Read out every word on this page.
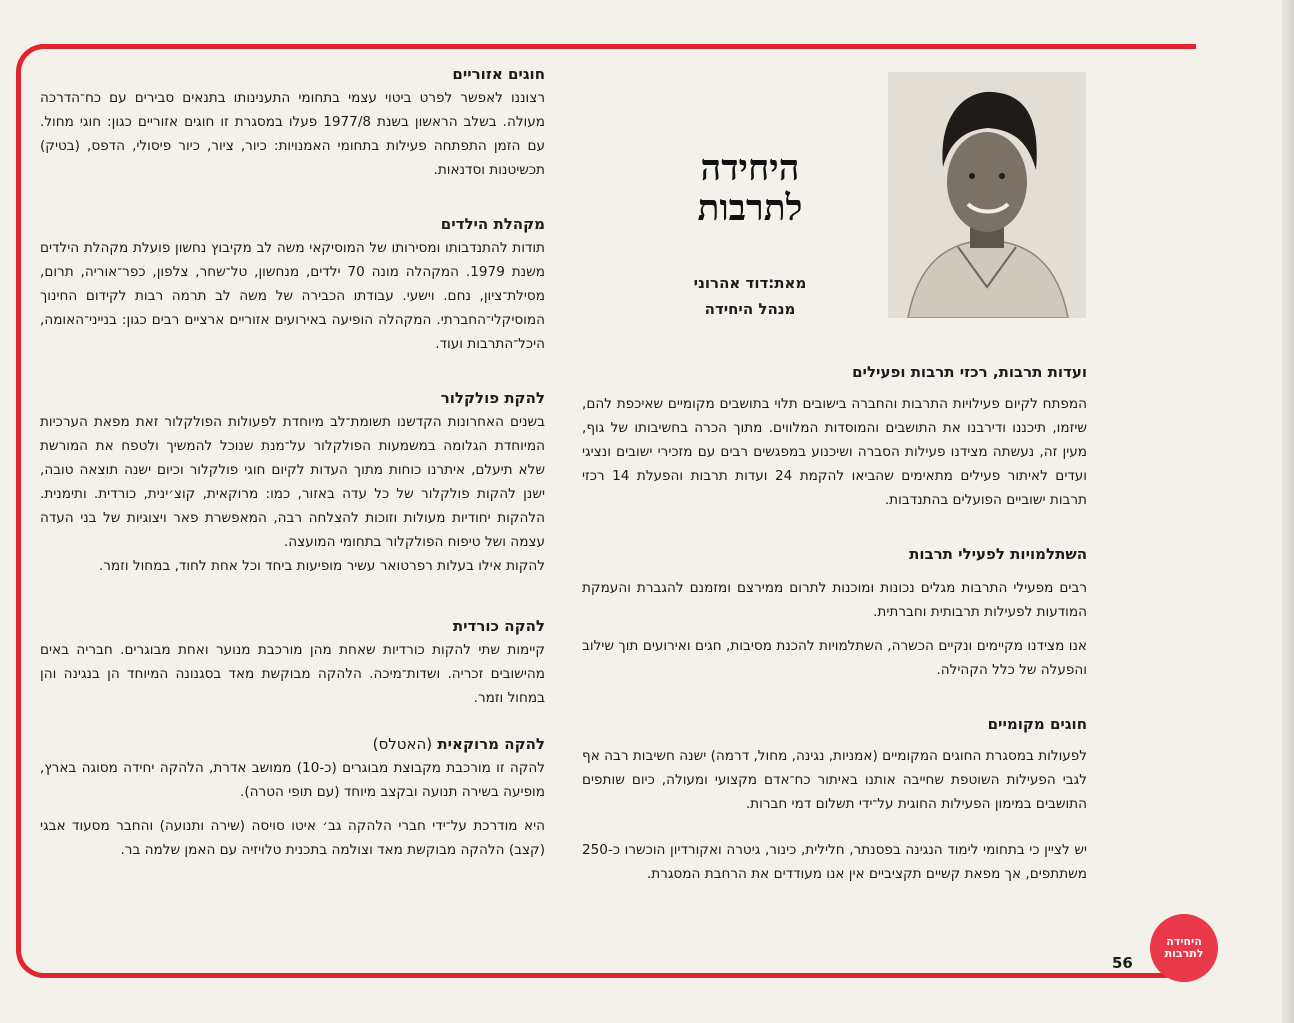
חוגים אזוריים

רצוננו לאפשר לפרט ביטוי עצמי בתחומי התענינותו בתנאים סבירים עם כח־הדרכה מעולה. בשלב הראשון בשנת 1977/8 פעלו במסגרת זו חוגים אזוריים כגון: חוגי מחול. עם הזמן התפתחה פעילות בתחומי האמנויות: כיור, ציור, כיור פיסולי, הדפס, (בטיק) תכשיטנות וסדנאות.

מקהלת הילדים

תודות להתנדבותו ומסירותו של המוסיקאי משה לב מקיבוץ נחשון פועלת מקהלת הילדים משנת 1979. המקהלה מונה 70 ילדים, מנחשון, טל־שחר, צלפון, כפר־אוריה, תרום, מסילת־ציון, נחם. וישעי. עבודתו הכבירה של משה לב תרמה רבות לקידום החינוך המוסיקלי־החברתי. המקהלה הופיעה באירועים אזוריים ארציים רבים כגון: בנייני־האומה, היכל־התרבות ועוד.

להקת פולקלור

בשנים האחרונות הקדשנו תשומת־לב מיוחדת לפעולות הפולקלור זאת מפאת הערכיות המיוחדת הגלומה במשמעות הפולקלור על־מנת שנוכל להמשיך ולטפח את המורשת שלא תיעלם, איתרנו כוחות מתוך העדות לקיום חוגי פולקלור וכיום ישנה תוצאה טובה, ישנן להקות פולקלור של כל עדה באזור, כמו: מרוקאית, קוצ׳ינית, כורדית. ותימנית. הלהקות יחודיות מעולות וזוכות להצלחה רבה, המאפשרת פאר ויצוגיות של בני העדה עצמה ושל טיפוח הפולקלור בתחומי המועצה.

להקות אילו בעלות רפרטואר עשיר מופיעות ביחד וכל אחת לחוד, במחול וזמר.

להקה כורדית

קיימות שתי להקות כורדיות שאחת מהן מורכבת מנוער ואחת מבוגרים. חבריה באים מהישובים זכריה. ושדות־מיכה. הלהקה מבוקשת מאד בסגנונה המיוחד הן בנגינה והן במחול וזמר.

להקה מרוקאית (האטלס)

להקה זו מורכבת מקבוצת מבוגרים (כ-10) ממושב אדרת, הלהקה יחידה מסוגה בארץ, מופיעה בשירה תנועה ובקצב מיוחד (עם תופי הטרה).

היא מודרכת על־ידי חברי הלהקה גב׳ איטו סויסה (שירה ותנועה) והחבר מסעוד אבגי (קצב) הלהקה מבוקשת מאד וצולמה בתכנית טלויזיה עם האמן שלמה בר.

היחידה
לתרבות
מאת:דוד אהרוני
מנהל היחידה
ועדות תרבות, רכזי תרבות ופעילים

המפתח לקיום פעילויות התרבות והחברה בישובים תלוי בתושבים מקומיים שאיכפת להם, שיזמו, תיכננו ודירבנו את התושבים והמוסדות המלווים. מתוך הכרה בחשיבותו של גוף, מעין זה, נעשתה מצידנו פעילות הסברה ושיכנוע במפגשים רבים עם מזכירי ישובים ונציגי ועדים לאיתור פעילים מתאימים שהביאו להקמת 24 ועדות תרבות והפעלת 14 רכזי תרבות ישוביים הפועלים בהתנדבות.

השתלמויות לפעילי תרבות

רבים מפעילי התרבות מגלים נכונות ומוכנות לתרום ממירצם ומזמנם להגברת והעמקת המודעות לפעילות תרבותית וחברתית.

אנו מצידנו מקיימים ונקיים הכשרה, השתלמויות להכנת מסיבות, חגים ואירועים תוך שילוב והפעלה של כלל הקהילה.

חוגים מקומיים

לפעולות במסגרת החוגים המקומיים (אמניות, נגינה, מחול, דרמה) ישנה חשיבות רבה אף לגבי הפעילות השוטפת שחייבה אותנו באיתור כח־אדם מקצועי ומעולה, כיום שותפים התושבים במימון הפעילות החוגית על־ידי תשלום דמי חברות.

יש לציין כי בתחומי לימוד הנגינה בפסנתר, חלילית, כינור, גיטרה ואקורדיון הוכשרו כ-250 משתתפים, אך מפאת קשיים תקציביים אין אנו מעודדים את הרחבת המסגרת.

היחידה לתרבות
56
